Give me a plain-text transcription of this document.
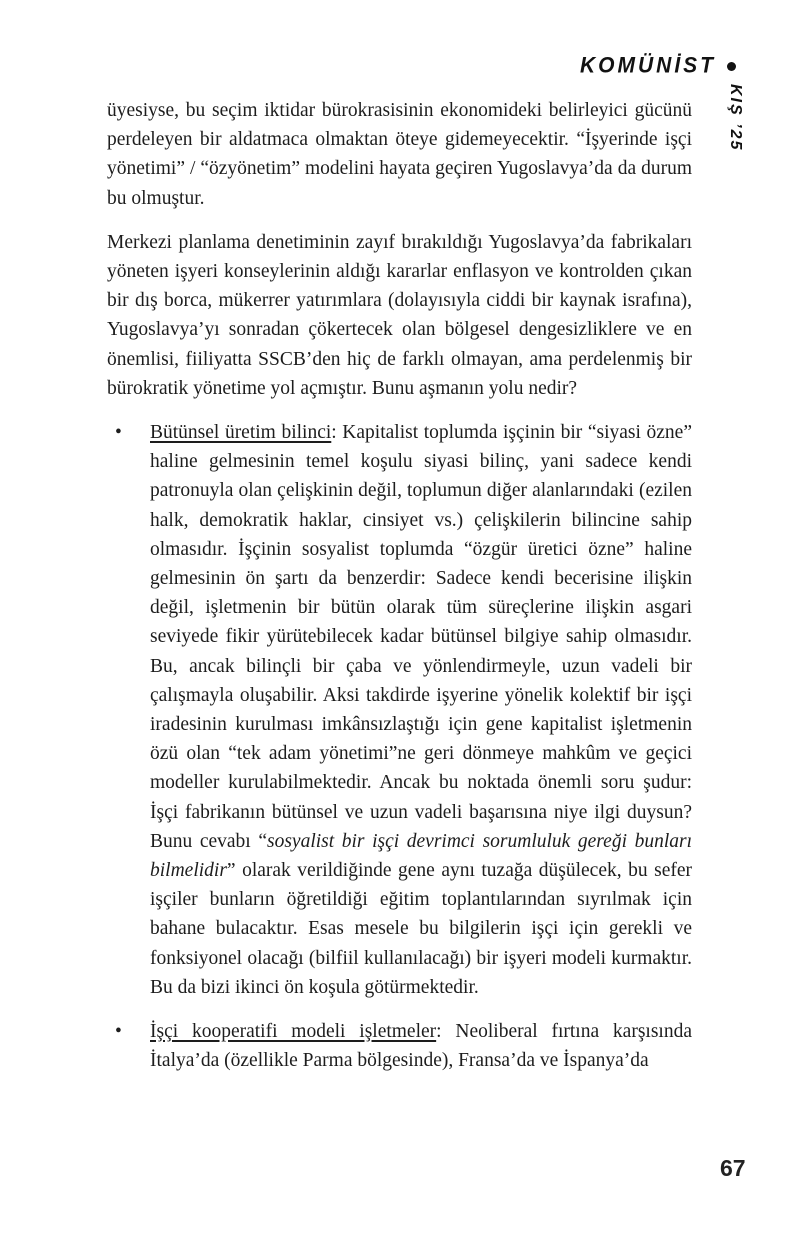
KOMÜNİST
KIŞ ’25

üyesiyse, bu seçim iktidar bürokrasisinin ekonomideki belirleyici gücünü perdeleyen bir aldatmaca olmaktan öteye gidemeyecektir. “İşyerinde işçi yönetimi” / “özyönetim” modelini hayata geçiren Yugoslavya’da da durum bu olmuştur.

Merkezi planlama denetiminin zayıf bırakıldığı Yugoslavya’da fabrikaları yöneten işyeri konseylerinin aldığı kararlar enflasyon ve kontrolden çıkan bir dış borca, mükerrer yatırımlara (dolayısıyla ciddi bir kaynak israfına), Yugoslavya’yı sonradan çökertecek olan bölgesel dengesizliklere ve en önemlisi, fiiliyatta SSCB’den hiç de farklı olmayan, ama perdelenmiş bir bürokratik yönetime yol açmıştır. Bunu aşmanın yolu nedir?

• Bütünsel üretim bilinci: Kapitalist toplumda işçinin bir “siyasi özne” haline gelmesinin temel koşulu siyasi bilinç, yani sadece kendi patronuyla olan çelişkinin değil, toplumun diğer alanlarındaki (ezilen halk, demokratik haklar, cinsiyet vs.) çelişkilerin bilincine sahip olmasıdır. İşçinin sosyalist toplumda “özgür üretici özne” haline gelmesinin ön şartı da benzerdir: Sadece kendi becerisine ilişkin değil, işletmenin bir bütün olarak tüm süreçlerine ilişkin asgari seviyede fikir yürütebilecek kadar bütünsel bilgiye sahip olmasıdır. Bu, ancak bilinçli bir çaba ve yönlendirmeyle, uzun vadeli bir çalışmayla oluşabilir. Aksi takdirde işyerine yönelik kolektif bir işçi iradesinin kurulması imkânsızlaştığı için gene kapitalist işletmenin özü olan “tek adam yönetimi”ne geri dönmeye mahkûm ve geçici modeller kurulabilmektedir. Ancak bu noktada önemli soru şudur: İşçi fabrikanın bütünsel ve uzun vadeli başarısına niye ilgi duysun? Bunu cevabı “sosyalist bir işçi devrimci sorumluluk gereği bunları bilmelidir” olarak verildiğinde gene aynı tuzağa düşülecek, bu sefer işçiler bunların öğretildiği eğitim toplantılarından sıyrılmak için bahane bulacaktır. Esas mesele bu bilgilerin işçi için gerekli ve fonksiyonel olacağı (bilfiil kullanılacağı) bir işyeri modeli kurmaktır. Bu da bizi ikinci ön koşula götürmektedir.
• İşçi kooperatifi modeli işletmeler: Neoliberal fırtına karşısında İtalya’da (özellikle Parma bölgesinde), Fransa’da ve İspanya’da
67
